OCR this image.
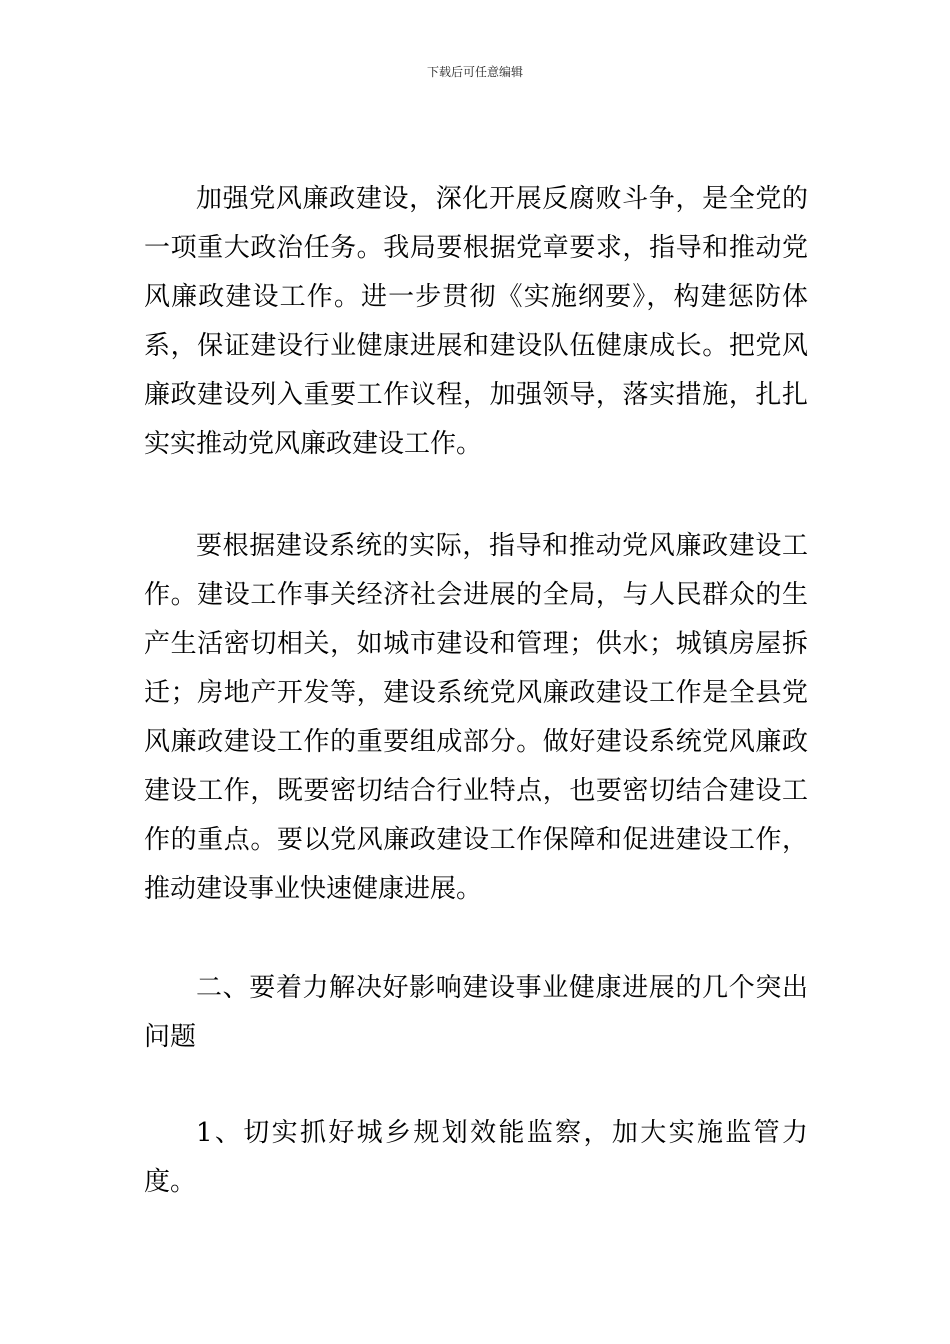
下载后可任意编辑

加强党风廉政建设，深化开展反腐败斗争，是全党的一项重大政治任务。我局要根据党章要求，指导和推动党风廉政建设工作。进一步贯彻《实施纲要》，构建惩防体系，保证建设行业健康进展和建设队伍健康成长。把党风廉政建设列入重要工作议程，加强领导，落实措施，扎扎实实推动党风廉政建设工作。

要根据建设系统的实际，指导和推动党风廉政建设工作。建设工作事关经济社会进展的全局，与人民群众的生产生活密切相关，如城市建设和管理；供水；城镇房屋拆迁；房地产开发等，建设系统党风廉政建设工作是全县党风廉政建设工作的重要组成部分。做好建设系统党风廉政建设工作，既要密切结合行业特点，也要密切结合建设工作的重点。要以党风廉政建设工作保障和促进建设工作，推动建设事业快速健康进展。

二、要着力解决好影响建设事业健康进展的几个突出问题

1、切实抓好城乡规划效能监察，加大实施监管力度。
